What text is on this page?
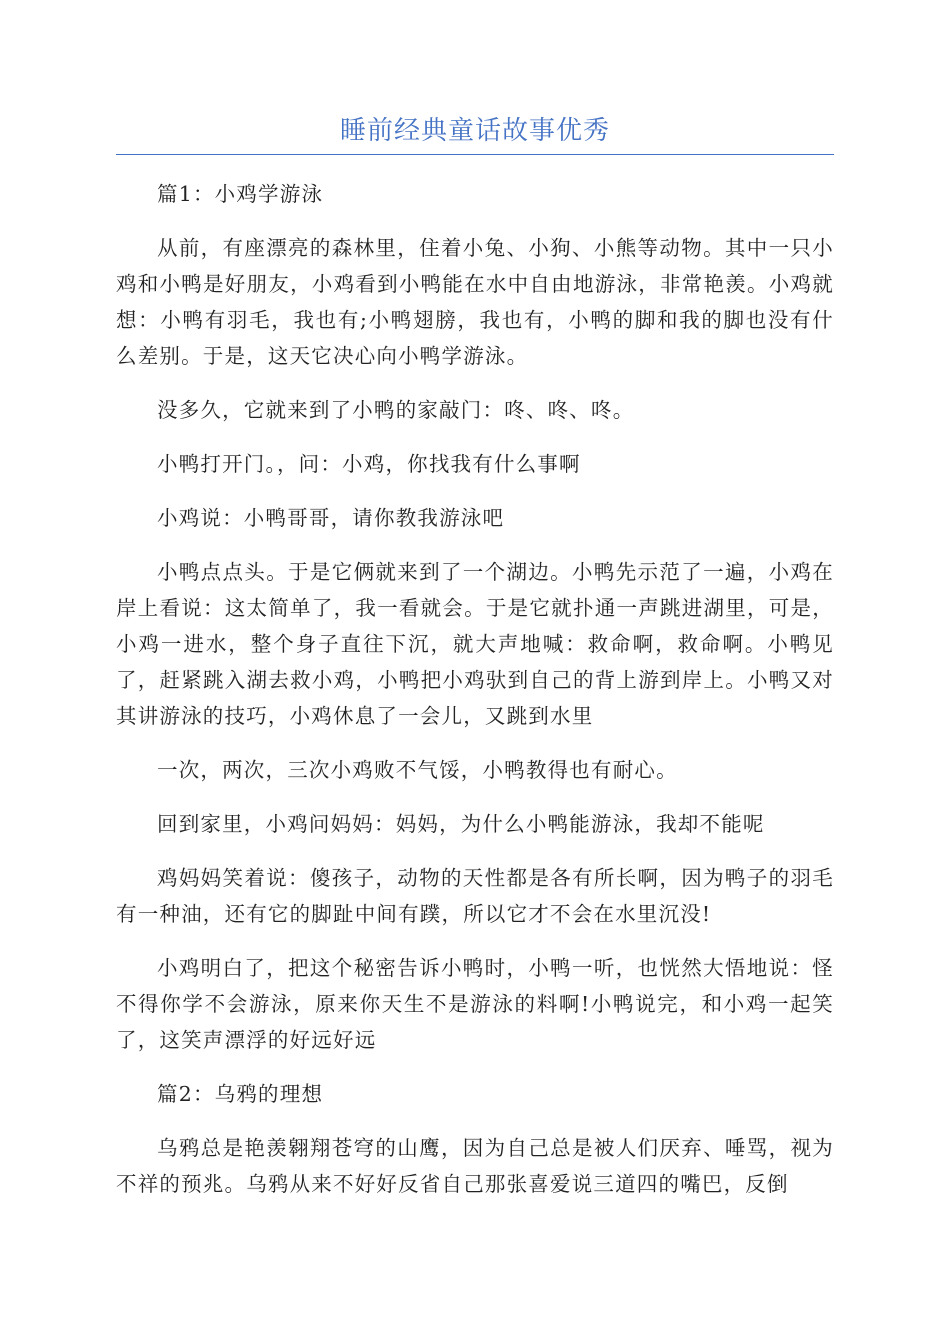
睡前经典童话故事优秀

篇1：小鸡学游泳

从前，有座漂亮的森林里，住着小兔、小狗、小熊等动物。其中一只小鸡和小鸭是好朋友，小鸡看到小鸭能在水中自由地游泳，非常艳羡。小鸡就想：小鸭有羽毛，我也有;小鸭翅膀，我也有，小鸭的脚和我的脚也没有什么差别。于是，这天它决心向小鸭学游泳。

没多久，它就来到了小鸭的家敲门：咚、咚、咚。

小鸭打开门。，问：小鸡，你找我有什么事啊

小鸡说：小鸭哥哥，请你教我游泳吧

小鸭点点头。于是它俩就来到了一个湖边。小鸭先示范了一遍，小鸡在岸上看说：这太简单了，我一看就会。于是它就扑通一声跳进湖里，可是，小鸡一进水，整个身子直往下沉，就大声地喊：救命啊，救命啊。小鸭见了，赶紧跳入湖去救小鸡，小鸭把小鸡驮到自己的背上游到岸上。小鸭又对其讲游泳的技巧，小鸡休息了一会儿，又跳到水里

一次，两次，三次小鸡败不气馁，小鸭教得也有耐心。

回到家里，小鸡问妈妈：妈妈，为什么小鸭能游泳，我却不能呢

鸡妈妈笑着说：傻孩子，动物的天性都是各有所长啊，因为鸭子的羽毛有一种油，还有它的脚趾中间有蹼，所以它才不会在水里沉没!

小鸡明白了，把这个秘密告诉小鸭时，小鸭一听，也恍然大悟地说：怪不得你学不会游泳，原来你天生不是游泳的料啊!小鸭说完，和小鸡一起笑了，这笑声漂浮的好远好远

篇2：乌鸦的理想

乌鸦总是艳羡翱翔苍穹的山鹰，因为自己总是被人们厌弃、唾骂，视为不祥的预兆。乌鸦从来不好好反省自己那张喜爱说三道四的嘴巴，反倒
